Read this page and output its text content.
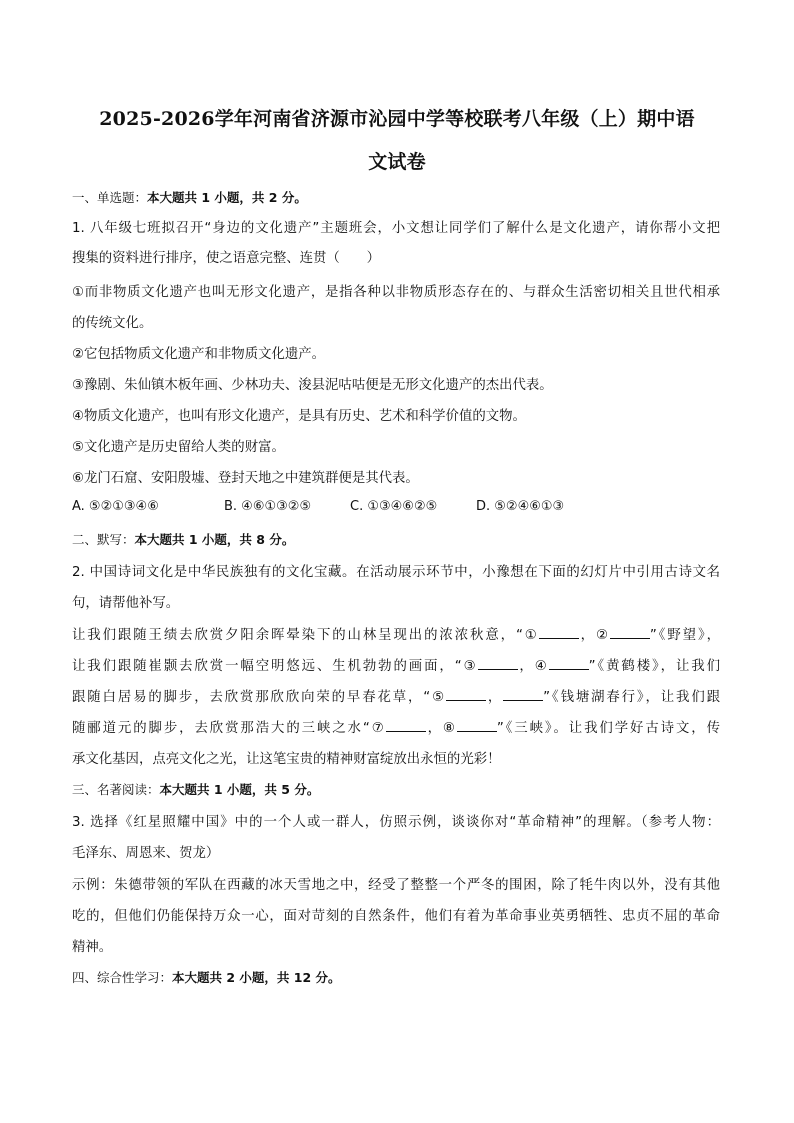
2025-2026学年河南省济源市沁园中学等校联考八年级（上）期中语
文试卷
一、单选题：本大题共 1 小题，共 2 分。
1. 八年级七班拟召开“身边的文化遗产”主题班会，小文想让同学们了解什么是文化遗产，请你帮小文把
搜集的资料进行排序，使之语意完整、连贯（　　）
①而非物质文化遗产也叫无形文化遗产，是指各种以非物质形态存在的、与群众生活密切相关且世代相承
的传统文化。
②它包括物质文化遗产和非物质文化遗产。
③豫剧、朱仙镇木板年画、少林功夫、浚县泥咕咕便是无形文化遗产的杰出代表。
④物质文化遗产，也叫有形文化遗产，是具有历史、艺术和科学价值的文物。
⑤文化遗产是历史留给人类的财富。
⑥龙门石窟、安阳殷墟、登封天地之中建筑群便是其代表。
A. ⑤②①③④⑥	B. ④⑥①③②⑤	C. ①③④⑥②⑤	D. ⑤②④⑥①③
二、默写：本大题共 1 小题，共 8 分。
2. 中国诗词文化是中华民族独有的文化宝藏。在活动展示环节中，小豫想在下面的幻灯片中引用古诗文名
句，请帮他补写。
让我们跟随王绩去欣赏夕阳余晖晕染下的山林呈现出的浓浓秋意，“①	，②	”《野望》，
让我们跟随崔颢去欣赏一幅空明悠远、生机勃勃的画面，“③	，④	”《黄鹤楼》，让我们
跟随白居易的脚步，去欣赏那欣欣向荣的早春花草，“⑤	，	”《钱塘湖春行》，让我们跟
随郦道元的脚步，去欣赏那浩大的三峡之水“⑦	，⑧	”《三峡》。让我们学好古诗文，传
承文化基因，点亮文化之光，让这笔宝贵的精神财富绽放出永恒的光彩！
三、名著阅读：本大题共 1 小题，共 5 分。
3. 选择《红星照耀中国》中的一个人或一群人，仿照示例，谈谈你对“革命精神”的理解。（参考人物：
毛泽东、周恩来、贺龙）
示例：朱德带领的军队在西藏的冰天雪地之中，经受了整整一个严冬的围困，除了牦牛肉以外，没有其他
吃的，但他们仍能保持万众一心，面对苛刻的自然条件，他们有着为革命事业英勇牺牲、忠贞不屈的革命
精神。
四、综合性学习：本大题共 2 小题，共 12 分。
